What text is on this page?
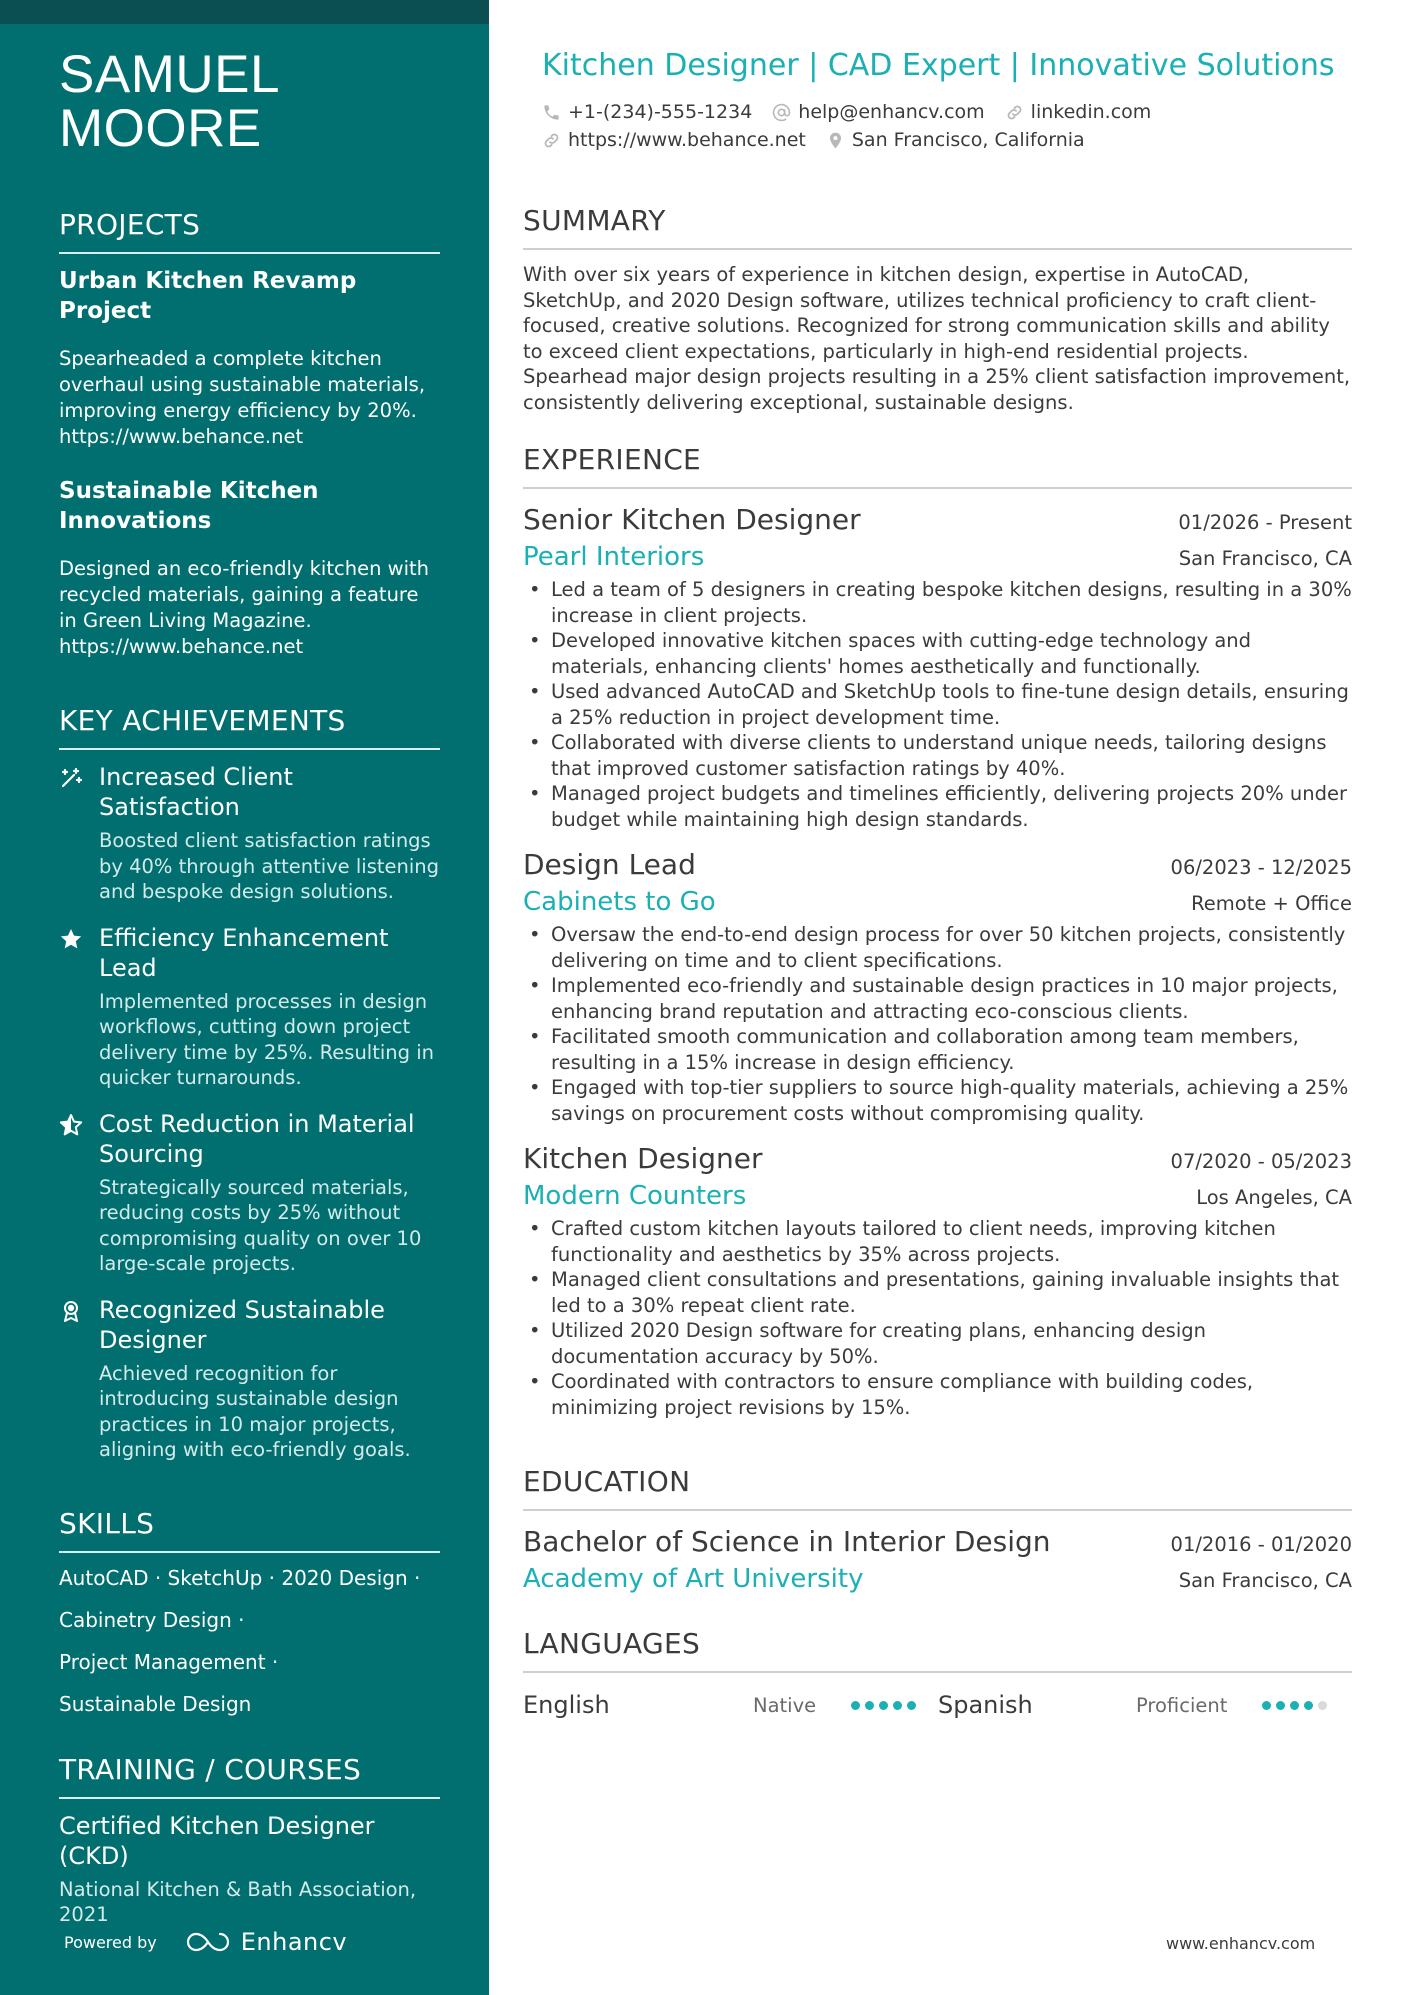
SAMUEL
MOORE
PROJECTS
Urban Kitchen Revamp Project
Spearheaded a complete kitchen overhaul using sustainable materials, improving energy efficiency by 20%.
https://www.behance.net
Sustainable Kitchen Innovations
Designed an eco-friendly kitchen with recycled materials, gaining a feature in Green Living Magazine.
https://www.behance.net
KEY ACHIEVEMENTS
Increased Client Satisfaction
Boosted client satisfaction ratings by 40% through attentive listening and bespoke design solutions.
Efficiency Enhancement Lead
Implemented processes in design workflows, cutting down project delivery time by 25%. Resulting in quicker turnarounds.
Cost Reduction in Material Sourcing
Strategically sourced materials, reducing costs by 25% without compromising quality on over 10 large-scale projects.
Recognized Sustainable Designer
Achieved recognition for introducing sustainable design practices in 10 major projects, aligning with eco-friendly goals.
SKILLS
AutoCAD · SketchUp · 2020 Design ·
Cabinetry Design ·
Project Management ·
Sustainable Design
TRAINING / COURSES
Certified Kitchen Designer (CKD)
National Kitchen & Bath Association, 2021
Powered by	Enhancv
Kitchen Designer | CAD Expert | Innovative Solutions
+1-(234)-555-1234 help@enhancv.com linkedin.com
https://www.behance.net San Francisco, California
SUMMARY
With over six years of experience in kitchen design, expertise in AutoCAD, SketchUp, and 2020 Design software, utilizes technical proficiency to craft client-focused, creative solutions. Recognized for strong communication skills and ability to exceed client expectations, particularly in high-end residential projects. Spearhead major design projects resulting in a 25% client satisfaction improvement, consistently delivering exceptional, sustainable designs.
EXPERIENCE
Senior Kitchen Designer	01/2026 - Present
Pearl Interiors	San Francisco, CA
• Led a team of 5 designers in creating bespoke kitchen designs, resulting in a 30% increase in client projects.
• Developed innovative kitchen spaces with cutting-edge technology and materials, enhancing clients' homes aesthetically and functionally.
• Used advanced AutoCAD and SketchUp tools to fine-tune design details, ensuring a 25% reduction in project development time.
• Collaborated with diverse clients to understand unique needs, tailoring designs that improved customer satisfaction ratings by 40%.
• Managed project budgets and timelines efficiently, delivering projects 20% under budget while maintaining high design standards.
Design Lead	06/2023 - 12/2025
Cabinets to Go	Remote + Office
• Oversaw the end-to-end design process for over 50 kitchen projects, consistently delivering on time and to client specifications.
• Implemented eco-friendly and sustainable design practices in 10 major projects, enhancing brand reputation and attracting eco-conscious clients.
• Facilitated smooth communication and collaboration among team members, resulting in a 15% increase in design efficiency.
• Engaged with top-tier suppliers to source high-quality materials, achieving a 25% savings on procurement costs without compromising quality.
Kitchen Designer	07/2020 - 05/2023
Modern Counters	Los Angeles, CA
• Crafted custom kitchen layouts tailored to client needs, improving kitchen functionality and aesthetics by 35% across projects.
• Managed client consultations and presentations, gaining invaluable insights that led to a 30% repeat client rate.
• Utilized 2020 Design software for creating plans, enhancing design documentation accuracy by 50%.
• Coordinated with contractors to ensure compliance with building codes, minimizing project revisions by 15%.
EDUCATION
Bachelor of Science in Interior Design	01/2016 - 01/2020
Academy of Art University	San Francisco, CA
LANGUAGES
English	Native	Spanish	Proficient
www.enhancv.com
